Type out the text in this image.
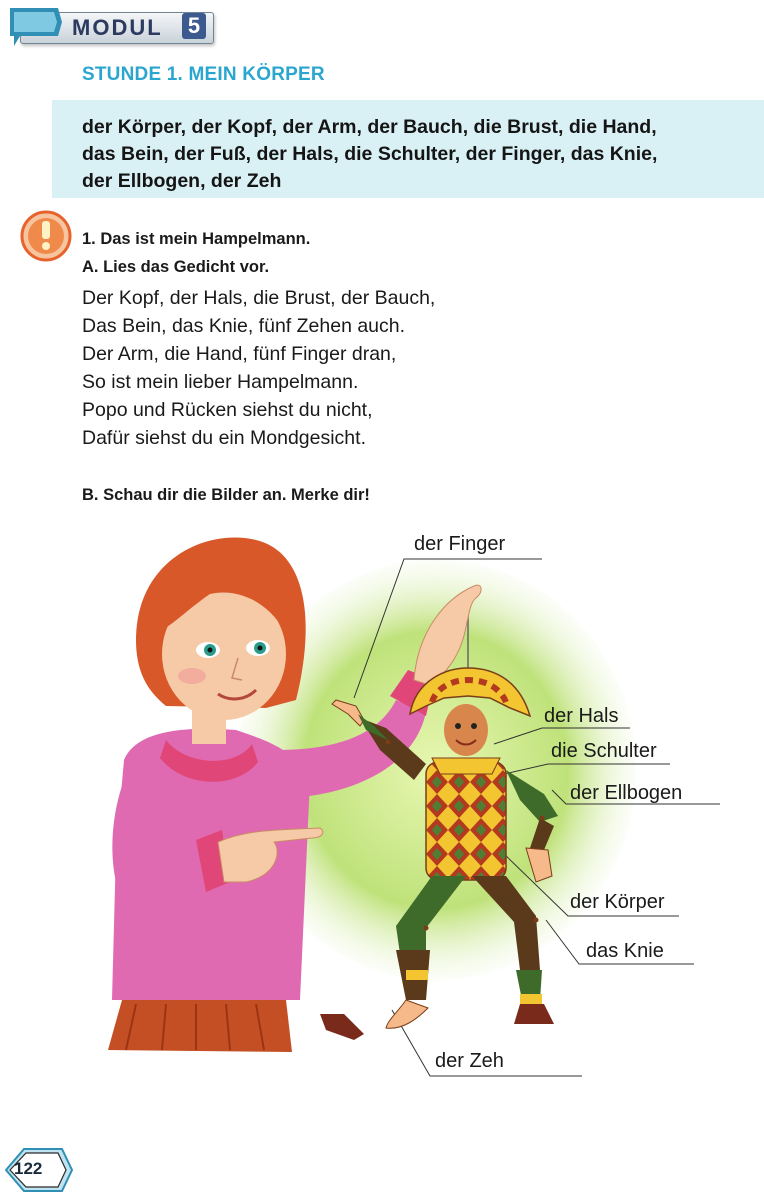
MODUL 5
STUNDE 1. MEIN KÖRPER
der Körper, der Kopf, der Arm, der Bauch, die Brust, die Hand,
das Bein, der Fuß, der Hals, die Schulter, der Finger, das Knie,
der Ellbogen, der Zeh
1. Das ist mein Hampelmann.
A. Lies das Gedicht vor.
Der Kopf, der Hals, die Brust, der Bauch,
Das Bein, das Knie, fünf Zehen auch.
Der Arm, die Hand, fünf Finger dran,
So ist mein lieber Hampelmann.
Popo und Rücken siehst du nicht,
Dafür siehst du ein Mondgesicht.
B. Schau dir die Bilder an. Merke dir!
der Finger
der Hals
die Schulter
der Ellbogen
der Körper
das Knie
der Zeh
122
